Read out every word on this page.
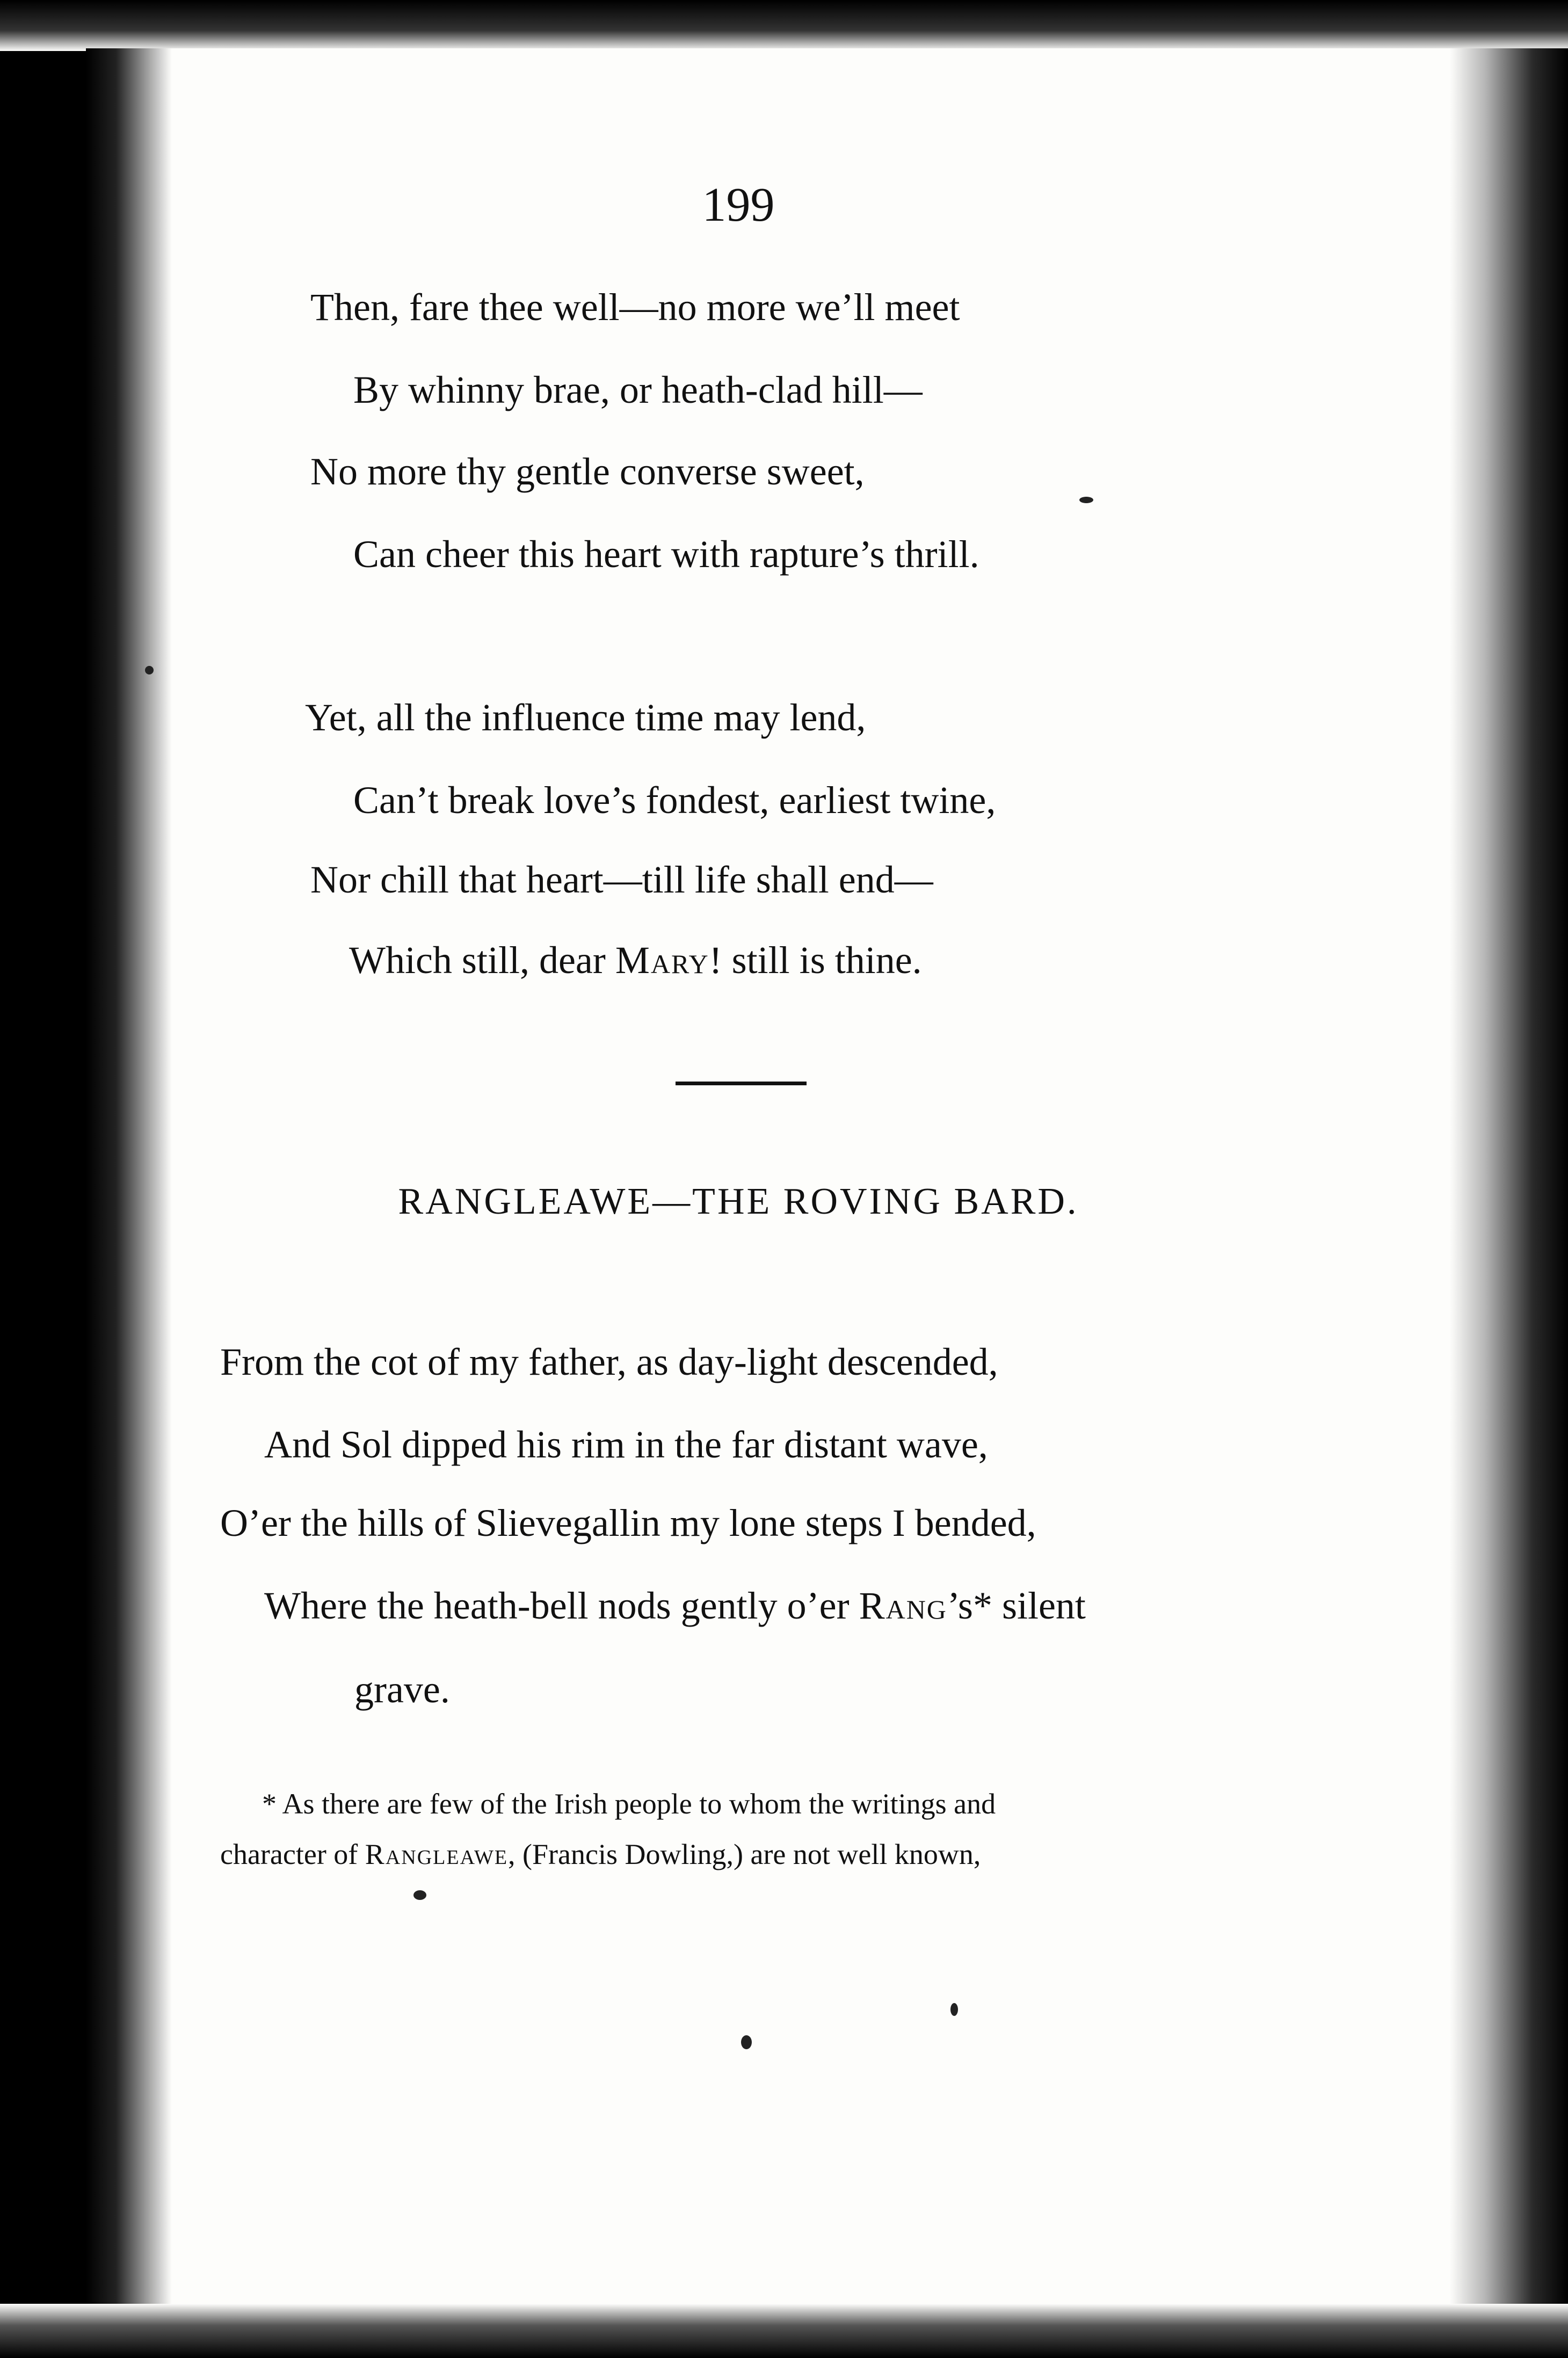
199

Then, fare thee well—no more we’ll meet

By whinny brae, or heath-clad hill—

No more thy gentle converse sweet,

Can cheer this heart with rapture’s thrill.

Yet, all the influence time may lend,

Can’t break love’s fondest, earliest twine,

Nor chill that heart—till life shall end—

Which still, dear Mary! still is thine.

RANGLEAWE—THE ROVING BARD.

From the cot of my father, as day-light descended,

And Sol dipped his rim in the far distant wave,

O’er the hills of Slievegallin my lone steps I bended,

Where the heath-bell nods gently o’er Rang’s* silent

grave.

* As there are few of the Irish people to whom the writings and

character of Rangleawe, (Francis Dowling,) are not well known,
